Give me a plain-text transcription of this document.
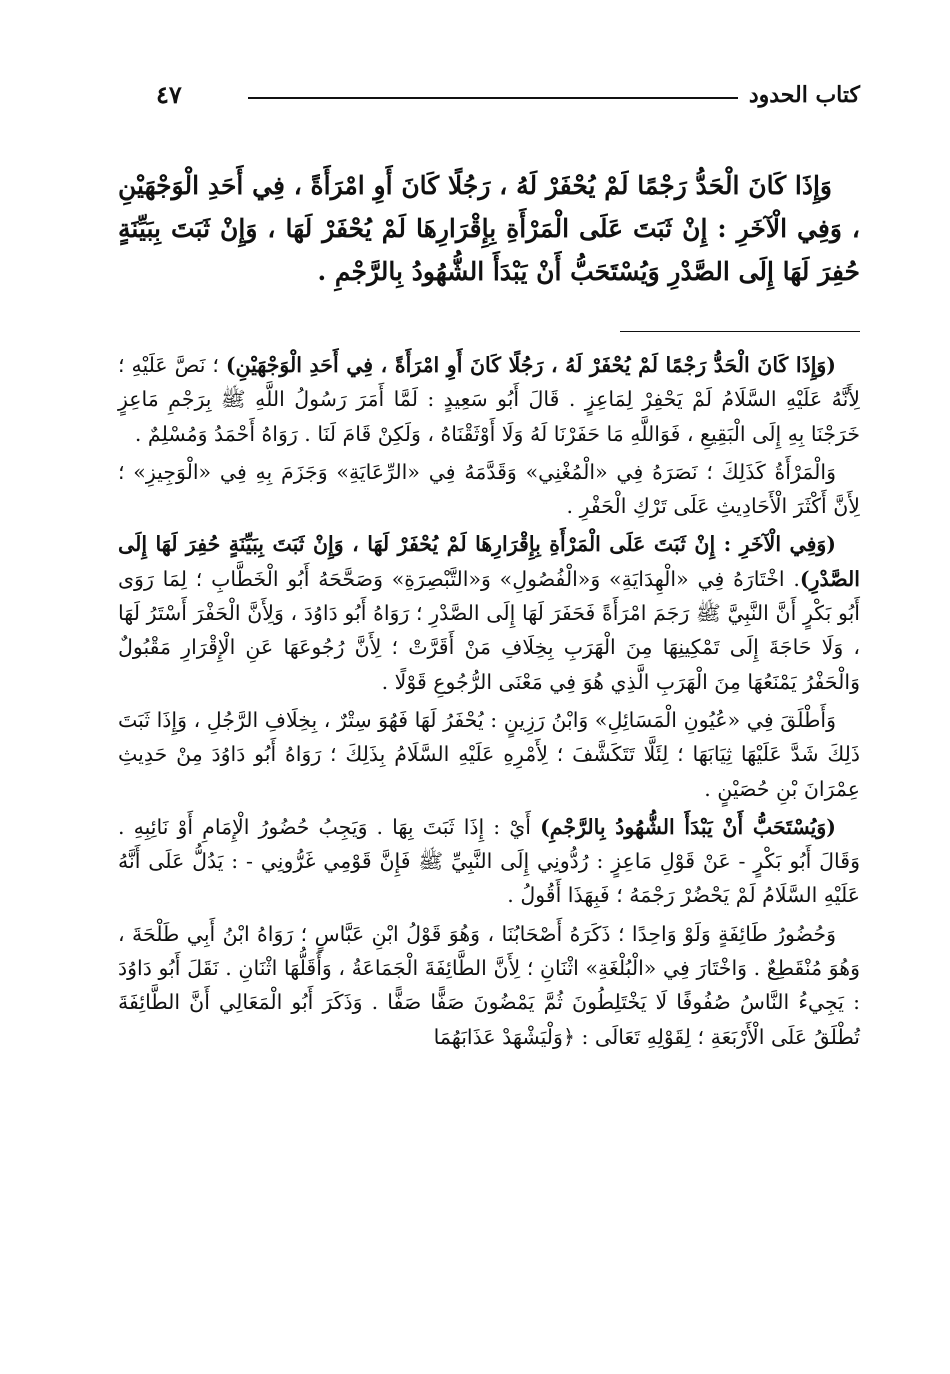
كتاب الحدود
٤٧

وَإِذَا كَانَ الْحَدُّ رَجْمًا لَمْ يُحْفَرْ لَهُ ، رَجُلًا كَانَ أَوِ امْرَأَةً ، فِي أَحَدِ الْوَجْهَيْنِ ، وَفِي الْآخَرِ : إِنْ ثَبَتَ عَلَى الْمَرْأَةِ بِإِقْرَارِهَا لَمْ يُحْفَرْ لَهَا ، وَإِنْ ثَبَتَ بِبَيِّنَةٍ حُفِرَ لَهَا إِلَى الصَّدْرِ وَيُسْتَحَبُّ أَنْ يَبْدَأَ الشُّهُودُ بِالرَّجْمِ .

(وَإِذَا كَانَ الْحَدُّ رَجْمًا لَمْ يُحْفَرْ لَهُ ، رَجُلًا كَانَ أَوِ امْرَأَةً ، فِي أَحَدِ الْوَجْهَيْنِ) ؛ نَصَّ عَلَيْهِ ؛ لِأَنَّهُ عَلَيْهِ السَّلَامُ لَمْ يَحْفِرْ لِمَاعِزٍ . قَالَ أَبُو سَعِيدٍ : لَمَّا أَمَرَ رَسُولُ اللَّهِ ﷺ بِرَجْمِ مَاعِزٍ خَرَجْنَا بِهِ إِلَى الْبَقِيعِ ، فَوَاللَّهِ مَا حَفَرْنَا لَهُ وَلَا أَوْثَقْنَاهُ ، وَلَكِنْ قَامَ لَنَا . رَوَاهُ أَحْمَدُ وَمُسْلِمٌ .

وَالْمَرْأَةُ كَذَلِكَ ؛ نَصَرَهُ فِي «الْمُغْنِي» وَقَدَّمَهُ فِي «الرِّعَايَةِ» وَجَزَمَ بِهِ فِي «الْوَجِيزِ» ؛ لِأَنَّ أَكْثَرَ الْأَحَادِيثِ عَلَى تَرْكِ الْحَفْرِ .

(وَفِي الْآخَرِ : إِنْ ثَبَتَ عَلَى الْمَرْأَةِ بِإِقْرَارِهَا لَمْ يُحْفَرْ لَهَا ، وَإِنْ ثَبَتَ بِبَيِّنَةٍ حُفِرَ لَهَا إِلَى الصَّدْرِ). اخْتَارَهُ فِي «الْهِدَايَةِ» وَ«الْفُصُولِ» وَ«التَّبْصِرَةِ» وَصَحَّحَهُ أَبُو الْخَطَّابِ ؛ لِمَا رَوَى أَبُو بَكْرٍ أَنَّ النَّبِيَّ ﷺ رَجَمَ امْرَأَةً فَحَفَرَ لَهَا إِلَى الصَّدْرِ ؛ رَوَاهُ أَبُو دَاوُدَ ، وَلِأَنَّ الْحَفْرَ أَسْتَرُ لَهَا ، وَلَا حَاجَةَ إِلَى تَمْكِينِهَا مِنَ الْهَرَبِ بِخِلَافِ مَنْ أَقَرَّتْ ؛ لِأَنَّ رُجُوعَهَا عَنِ الْإِقْرَارِ مَقْبُولٌ وَالْحَفْرُ يَمْنَعُهَا مِنَ الْهَرَبِ الَّذِي هُوَ فِي مَعْنَى الرُّجُوعِ قَوْلًا .

وَأَطْلَقَ فِي «عُيُونِ الْمَسَائِلِ» وَابْنُ رَزِينٍ : يُحْفَرُ لَهَا فَهُوَ سِتْرٌ ، بِخِلَافِ الرَّجُلِ ، وَإِذَا ثَبَتَ ذَلِكَ شَدَّ عَلَيْهَا ثِيَابَهَا ؛ لِئَلَّا تَتَكَشَّفَ ؛ لِأَمْرِهِ عَلَيْهِ السَّلَامُ بِذَلِكَ ؛ رَوَاهُ أَبُو دَاوُدَ مِنْ حَدِيثِ عِمْرَانَ بْنِ حُصَيْنٍ .

(وَيُسْتَحَبُّ أَنْ يَبْدَأَ الشُّهُودُ بِالرَّجْمِ) أَيْ : إِذَا ثَبَتَ بِهَا . وَيَجِبُ حُضُورُ الْإِمَامِ أَوْ نَائِبِهِ . وَقَالَ أَبُو بَكْرٍ - عَنْ قَوْلِ مَاعِزٍ : رُدُّونِي إِلَى النَّبِيِّ ﷺ فَإِنَّ قَوْمِي غَرُّونِي - : يَدُلُّ عَلَى أَنَّهُ عَلَيْهِ السَّلَامُ لَمْ يَحْضُرْ رَجْمَهُ ؛ فَبِهَذَا أَقُولُ .

وَحُضُورُ طَائِفَةٍ وَلَوْ وَاحِدًا ؛ ذَكَرَهُ أَصْحَابُنَا ، وَهُوَ قَوْلُ ابْنِ عَبَّاسٍ ؛ رَوَاهُ ابْنُ أَبِي طَلْحَةَ ، وَهُوَ مُنْقَطِعٌ . وَاخْتَارَ فِي «الْبُلْغَةِ» اثْنَانِ ؛ لِأَنَّ الطَّائِفَةَ الْجَمَاعَةُ ، وَأَقَلُّهَا اثْنَانِ . نَقَلَ أَبُو دَاوُدَ : يَجِيءُ النَّاسُ صُفُوفًا لَا يَخْتَلِطُونَ ثُمَّ يَمْضُونَ صَفًّا صَفًّا . وَذَكَرَ أَبُو الْمَعَالِي أَنَّ الطَّائِفَةَ تُطْلَقُ عَلَى الْأَرْبَعَةِ ؛ لِقَوْلِهِ تَعَالَى : ﴿وَلْيَشْهَدْ عَذَابَهُمَا
